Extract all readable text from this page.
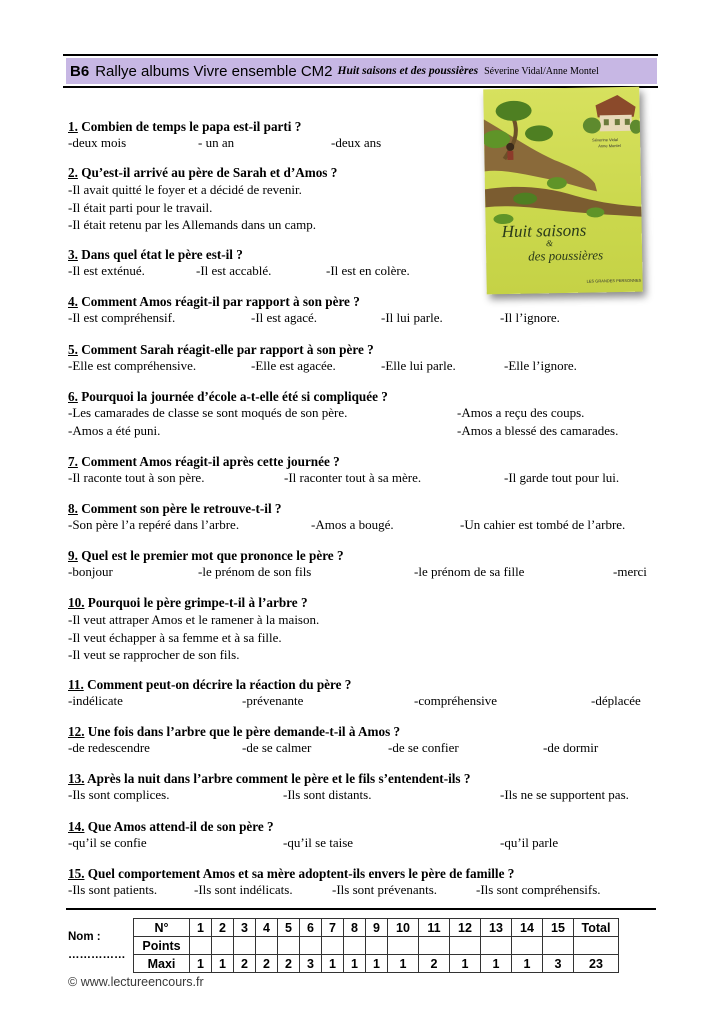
B6 Rallye albums Vivre ensemble CM2 Huit saisons et des poussières Séverine Vidal/Anne Montel
Séverine Vidal
Anne Montel
Huit saisons
&
des poussières
LES GRANDES PERSONNES
1. Combien de temps le papa est-il parti ?
-deux mois	- un an	-deux ans
2. Qu’est-il arrivé au père de Sarah et d’Amos ?
-Il avait quitté le foyer et a décidé de revenir.
-Il était parti pour le travail.
-Il était retenu par les Allemands dans un camp.
3. Dans quel état le père est-il ?
-Il est exténué.	-Il est accablé.	-Il est en colère.
4. Comment Amos réagit-il par rapport à son père ?
-Il est compréhensif.	-Il est agacé.	-Il lui parle.	-Il l’ignore.
5. Comment Sarah réagit-elle par rapport à son père ?
-Elle est compréhensive.	-Elle est agacée.	-Elle lui parle.	-Elle l’ignore.
6. Pourquoi la journée d’école a-t-elle été si compliquée ?
-Les camarades de classe se sont moqués de son père.	-Amos a reçu des coups.
-Amos a été puni.	-Amos a blessé des camarades.
7. Comment Amos réagit-il après cette journée ?
-Il raconte tout à son père.	-Il raconter tout à sa mère.	-Il garde tout pour lui.
8. Comment son père le retrouve-t-il ?
-Son père l’a repéré dans l’arbre.	-Amos a bougé.	-Un cahier est tombé de l’arbre.
9. Quel est le premier mot que prononce le père ?
-bonjour	-le prénom de son fils	-le prénom de sa fille	-merci
10. Pourquoi le père grimpe-t-il à l’arbre ?
-Il veut attraper Amos et le ramener à la maison.
-Il veut échapper à sa femme et à sa fille.
-Il veut se rapprocher de son fils.
11. Comment peut-on décrire la réaction du père ?
-indélicate	-prévenante	-compréhensive	-déplacée
12. Une fois dans l’arbre que le père demande-t-il à Amos ?
-de redescendre	-de se calmer	-de se confier	-de dormir
13. Après la nuit dans l’arbre comment le père et le fils s’entendent-ils ?
-Ils sont complices.	-Ils sont distants.	-Ils ne se supportent pas.
14. Que Amos attend-il de son père ?
-qu’il se confie	-qu’il se taise	-qu’il parle
15. Quel comportement Amos et sa mère adoptent-ils envers le père de famille ?
-Ils sont patients.	-Ils sont indélicats.	-Ils sont prévenants.	-Ils sont compréhensifs.
Nom :
……………
N°	1	2	3	4	5	6	7	8	9	10	11	12	13	14	15	Total
Points																
Maxi	1	1	2	2	2	3	1	1	1	1	2	1	1	1	3	23
© www.lectureencours.fr
